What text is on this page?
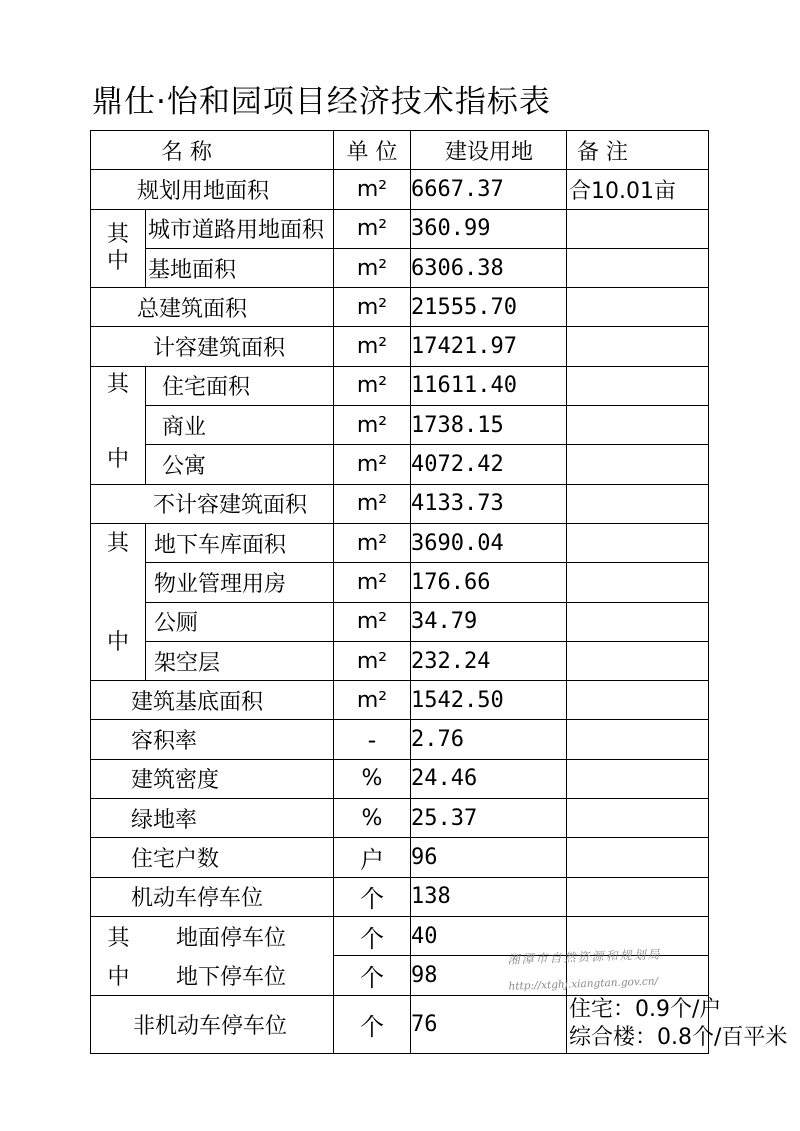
鼎仕·怡和园项目经济技术指标表
名 称		单 位	建设用地	备 注
规划用地面积		m²	6667.37	合10.01亩

其
中	城市道路用地面积	m²	360.99	
	基地面积	m²	6306.38	
总建筑面积		m²	21555.70	
计容建筑面积		m²	17421.97	

其
中	住宅面积	m²	11611.40	
	商业	m²	1738.15	
	公寓	m²	4072.42	
不计容建筑面积		m²	4133.73	

其
中	地下车库面积	m²	3690.04	
	物业管理用房	m²	176.66	
	公厕	m²	34.79	
	架空层	m²	232.24	
建筑基底面积		m²	1542.50	
容积率		-	2.76	
建筑密度		%	24.46	
绿地率		%	25.37	
住宅户数		户	96	
机动车停车位		个	138	
其 地面停车位		个	40	
中 地下停车位		个	98	
非机动车停车位		个	76	住宅：0.9个/户
综合楼：0.8个/百平米
湘潭市自然资源和规划局
http://xtghj.xiangtan.gov.cn/
